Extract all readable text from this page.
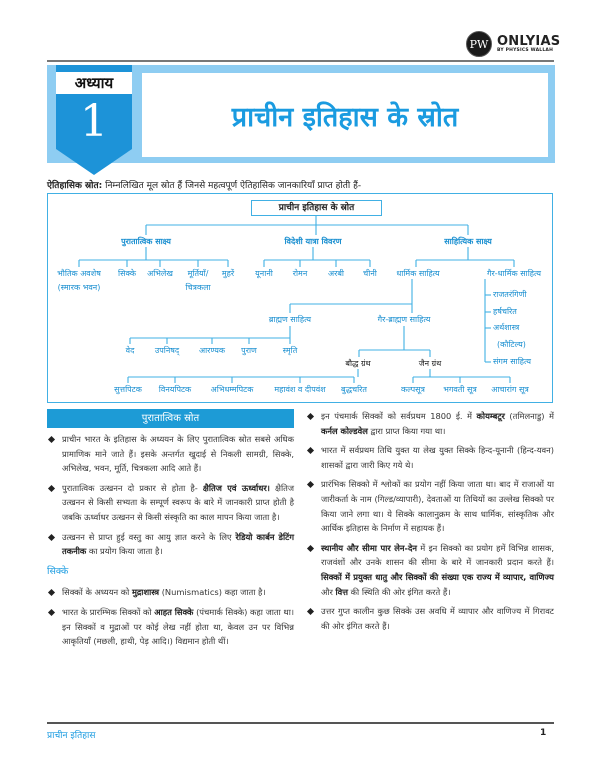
PW ONLYIAS
BY PHYSICS WALLAH
अध्याय
1	प्राचीन इतिहास के स्रोत
ऐतिहासिक स्रोत: निम्नलिखित मूल स्रोत हैं जिनसे महत्वपूर्ण ऐतिहासिक जानकारियाँ प्राप्त होती हैं-
प्राचीन इतिहास के स्रोत
पुरातात्विक साक्ष्य	विदेशी यात्रा विवरण	साहित्यिक साक्ष्य
भौतिक अवशेष सिक्के अभिलेख मूर्तियाँ/ मुहरें
(स्मारक भवन)	चित्रकला
यूनानी रोमन	अरबी चीनी धार्मिक साहित्य	गैर-धार्मिक साहित्य
राजतरंगिणी
हर्षचरित
अर्थशास्त्र
(कौटिल्य)
संगम साहित्य
ब्राह्मण साहित्य	गैर-ब्राह्मण साहित्य
वेद	उपनिषद् आरण्यक पुराण	स्मृति
बौद्ध ग्रंथ	जैन ग्रंथ
सुत्तपिटक विनयपिटक अभिधम्मपिटक	महावंश व दीपवंश बुद्धचरित	कल्पसूत्र भगवती सूत्र आचारांग सूत्र
पुरातात्विक स्रोत

प्राचीन भारत के इतिहास के अध्ययन के लिए पुरातात्विक स्रोत सबसे अधिक प्रामाणिक माने जाते हैं। इसके अन्तर्गत खुदाई से निकली सामग्री, सिक्के, अभिलेख, भवन, मूर्ति, चित्रकला आदि आते हैं।

पुरातात्विक उत्खनन दो प्रकार से होता है- क्षैतिज एवं ऊर्ध्वाधर। क्षैतिज उत्खनन से किसी सभ्यता के सम्पूर्ण स्वरूप के बारे में जानकारी प्राप्त होती है जबकि ऊर्ध्वाधर उत्खनन से किसी संस्कृति का काल मापन किया जाता है।

उत्खनन से प्राप्त हुई वस्तु का आयु ज्ञात करने के लिए रेडियो कार्बन डेटिंग तकनीक का प्रयोग किया जाता है।

सिक्के

सिक्कों के अध्ययन को मुद्राशास्त्र (Numismatics) कहा जाता है।

भारत के प्रारम्भिक सिक्कों को आहत सिक्के (पंचमार्क सिक्के) कहा जाता था। इन सिक्कों व मुद्राओं पर कोई लेख नहीं होता था, केवल उन पर विभिन्न आकृतियाँ (मछली, हाथी, पेड़ आदि।) विद्यमान होती थीं।

इन पंचमार्क सिक्कों को सर्वप्रथम 1800 ई. में कोयम्बटूर (तमिलनाडु) में कर्नल कोल्डवेल द्वारा प्राप्त किया गया था।

भारत में सर्वप्रथम तिथि युक्त या लेख युक्त सिक्के हिन्द-यूनानी (हिन्द-यवन) शासकों द्वारा जारी किए गये थे।

प्रारंभिक सिक्को में श्लोकों का प्रयोग नहीं किया जाता था। बाद में राजाओं या जारीकर्ता के नाम (गिल्ड/व्यापारी), देवताओं या तिथियों का उल्लेख सिक्को पर किया जाने लगा था। ये सिक्के कालानुक्रम के साथ धार्मिक, सांस्कृतिक और आर्थिक इतिहास के निर्माण में सहायक हैं।

स्थानीय और सीमा पार लेन-देन में इन सिक्को का प्रयोग हमें विभिन्न शासक, राजवंशों और उनके शासन की सीमा के बारे में जानकारी प्रदान करते हैं। सिक्कों में प्रयुक्त धातु और सिक्कों की संख्या एक राज्य में व्यापार, वाणिज्य और वित्त की स्थिति की ओर इंगित करते हैं।

उत्तर गुप्त कालीन कुछ सिक्के उस अवधि में व्यापार और वाणिज्य में गिरावट की ओर इंगित करते हैं।

प्राचीन इतिहास	1
